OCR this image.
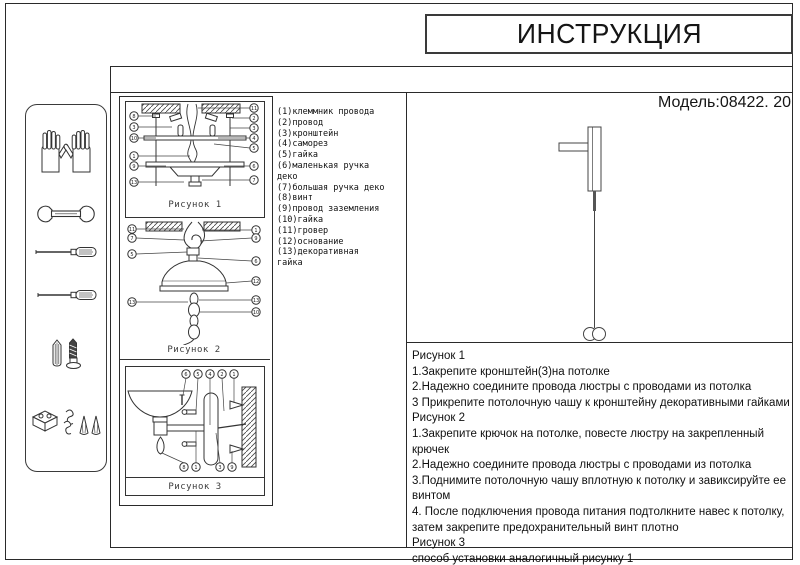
ИНСТРУКЦИЯ
8
3
10
1
9
13
11
2
3
4
5
6
7
Рисунок 1
11
7
5
13
1
9
6
12
13
10
Рисунок 2
6 5 4 2 1
8 1	3 9
Рисунок 3
(1)клеммник провода
(2)провод
(3)кронштейн
(4)саморез
(5)гайка
(6)маленькая ручка деко
(7)большая ручка деко
(8)винт
(9)провод заземления
(10)гайка
(11)гровер
(12)основание
(13)декоративная гайка
Модель:08422. 20
Рисунок 1
1.Закрепите кронштейн(3)на потолке
2.Надежно соедините провода люстры с проводами из потолка
3 Прикрепите потолочную чашу к кронштейну декоративными гайками
Рисунок 2
1.Закрепите крючок на потолке, повесте люстру на закрепленный крючек
2.Надежно соедините провода люстры с проводами из потолка
3.Поднимите потолочную чашу вплотную к потолку и завиксируйте ее винтом
4. После подключения провода питания подтолкните навес к потолку, затем закрепите предохранительный винт плотно
Рисунок 3
способ установки аналогичный рисунку 1
